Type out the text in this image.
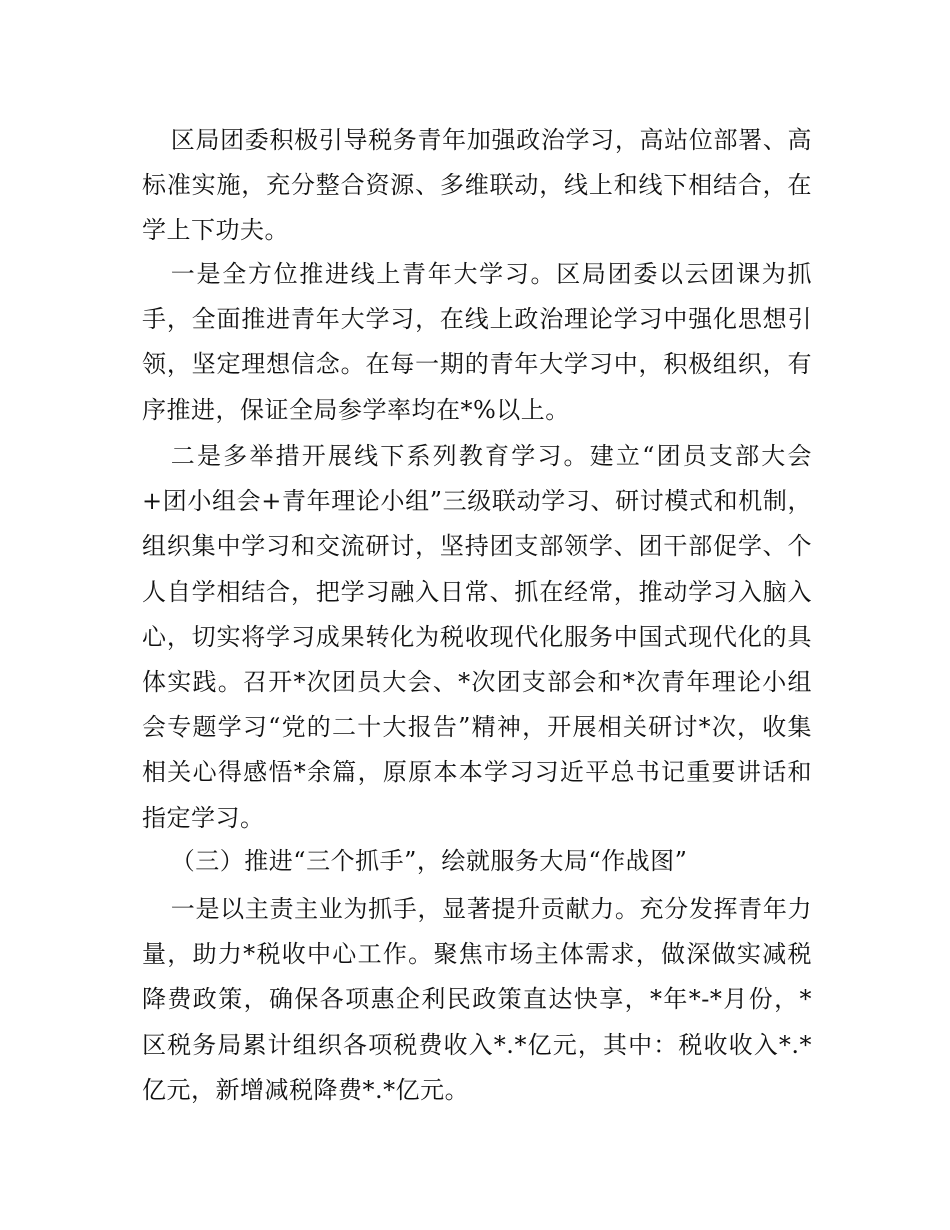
区局团委积极引导税务青年加强政治学习，高站位部署、高标准实施，充分整合资源、多维联动，线上和线下相结合，在学上下功夫。

一是全方位推进线上青年大学习。区局团委以云团课为抓手，全面推进青年大学习，在线上政治理论学习中强化思想引领，坚定理想信念。在每一期的青年大学习中，积极组织，有序推进，保证全局参学率均在*%以上。

二是多举措开展线下系列教育学习。建立“团员支部大会+团小组会+青年理论小组”三级联动学习、研讨模式和机制，组织集中学习和交流研讨，坚持团支部领学、团干部促学、个人自学相结合，把学习融入日常、抓在经常，推动学习入脑入心，切实将学习成果转化为税收现代化服务中国式现代化的具体实践。召开*次团员大会、*次团支部会和*次青年理论小组会专题学习“党的二十大报告”精神，开展相关研讨*次，收集相关心得感悟*余篇，原原本本学习习近平总书记重要讲话和指定学习。

（三）推进“三个抓手”，绘就服务大局“作战图”

一是以主责主业为抓手，显著提升贡献力。充分发挥青年力量，助力*税收中心工作。聚焦市场主体需求，做深做实减税降费政策，确保各项惠企利民政策直达快享，*年*-*月份，*区税务局累计组织各项税费收入*.*亿元，其中：税收收入*.*亿元，新增减税降费*.*亿元。
